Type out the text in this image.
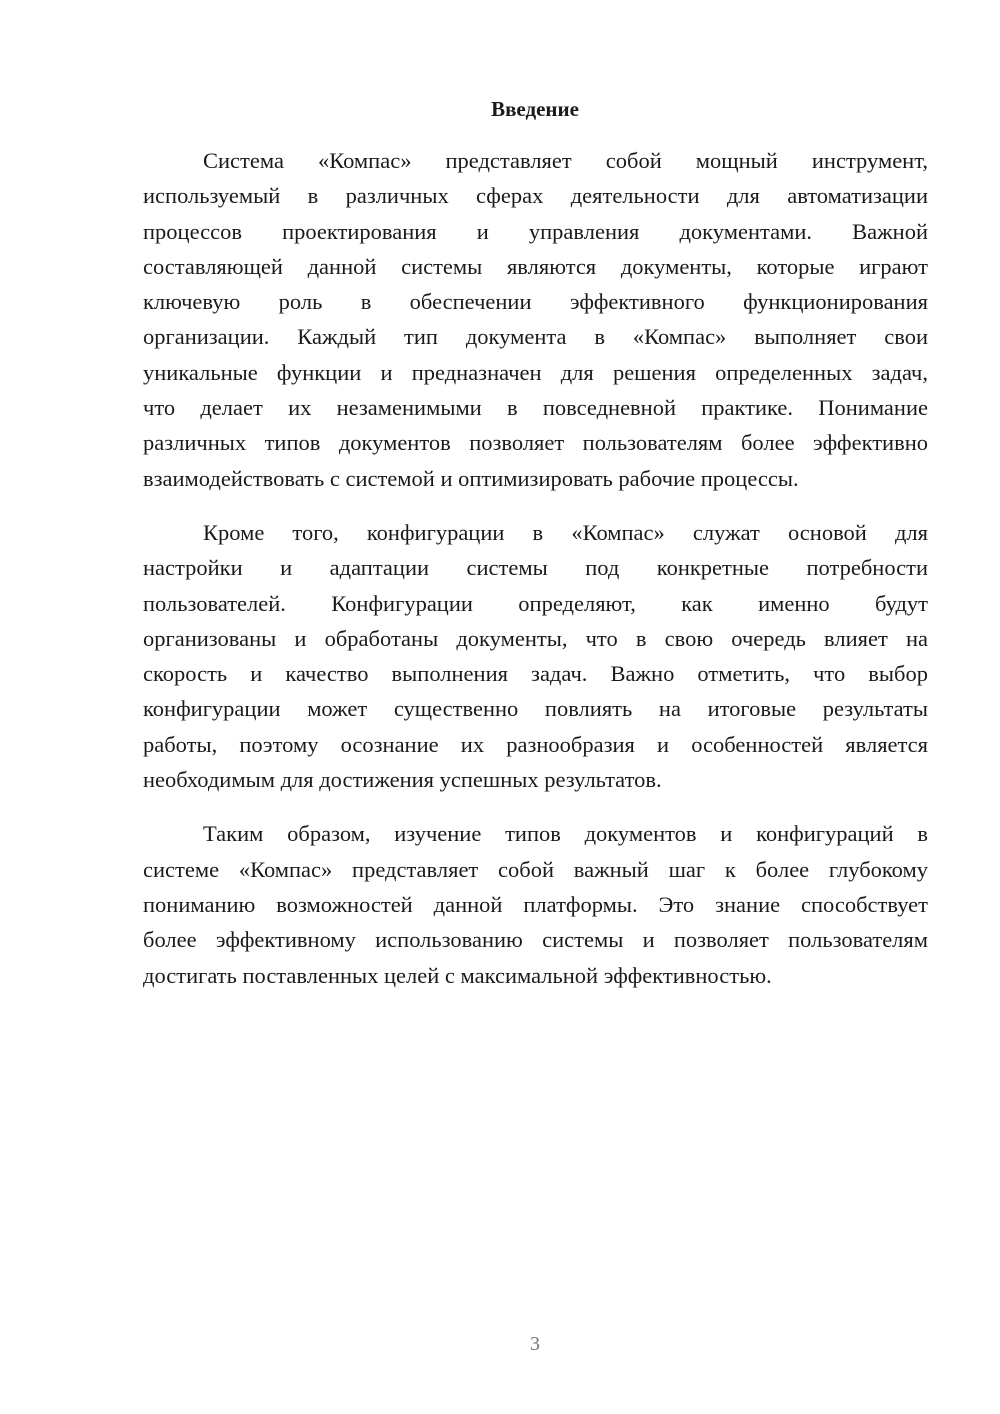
Введение
Система «Компас» представляет собой мощный инструмент,
используемый в различных сферах деятельности для автоматизации
процессов проектирования и управления документами. Важной
составляющей данной системы являются документы, которые играют
ключевую роль в обеспечении эффективного функционирования
организации. Каждый тип документа в «Компас» выполняет свои
уникальные функции и предназначен для решения определенных задач,
что делает их незаменимыми в повседневной практике. Понимание
различных типов документов позволяет пользователям более эффективно
взаимодействовать с системой и оптимизировать рабочие процессы.
Кроме того, конфигурации в «Компас» служат основой для
настройки и адаптации системы под конкретные потребности
пользователей. Конфигурации определяют, как именно будут
организованы и обработаны документы, что в свою очередь влияет на
скорость и качество выполнения задач. Важно отметить, что выбор
конфигурации может существенно повлиять на итоговые результаты
работы, поэтому осознание их разнообразия и особенностей является
необходимым для достижения успешных результатов.
Таким образом, изучение типов документов и конфигураций в
системе «Компас» представляет собой важный шаг к более глубокому
пониманию возможностей данной платформы. Это знание способствует
более эффективному использованию системы и позволяет пользователям
достигать поставленных целей с максимальной эффективностью.
3
